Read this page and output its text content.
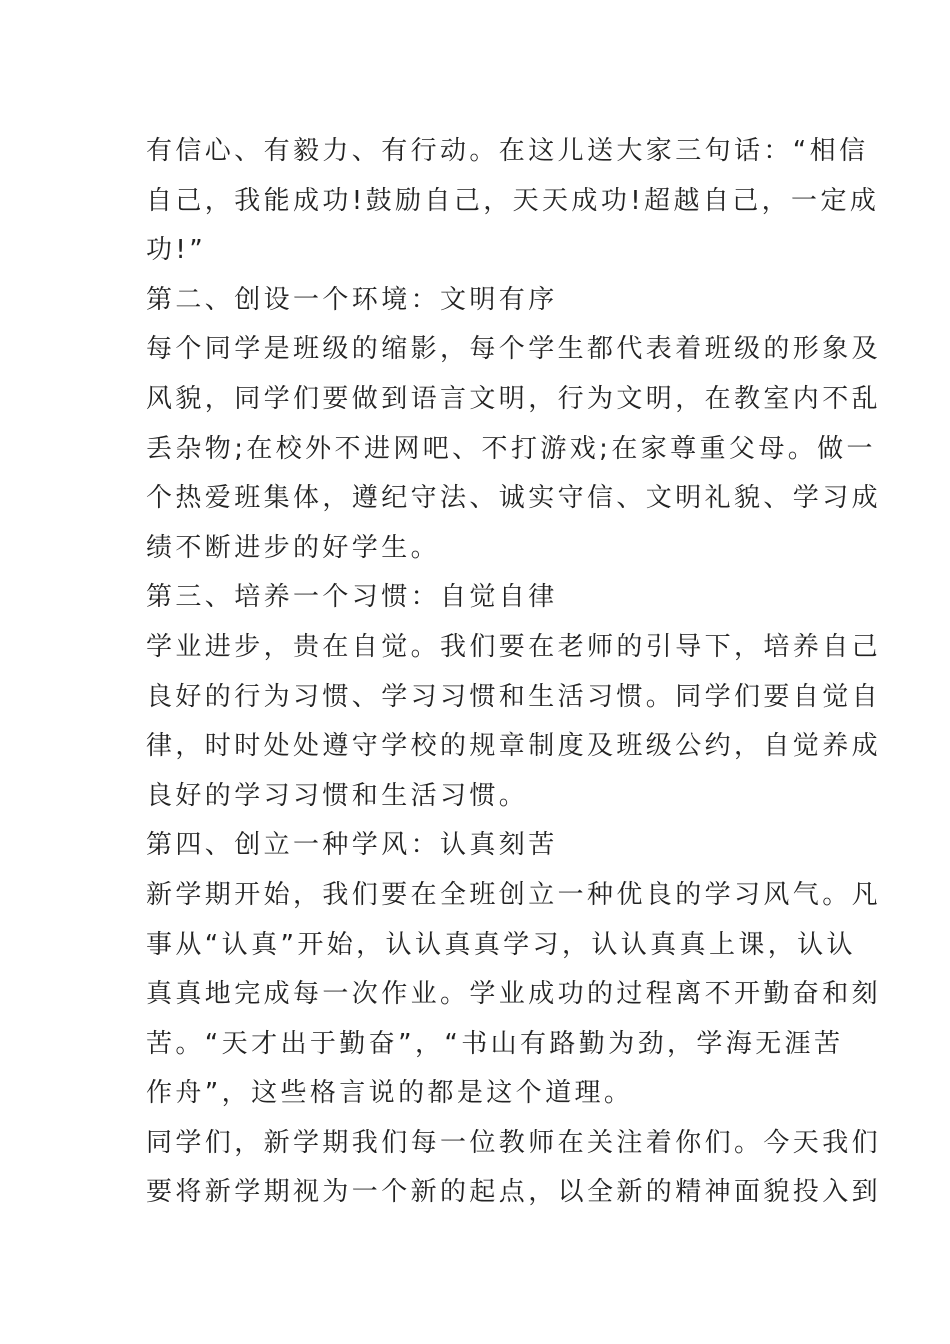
有信心、有毅力、有行动。在这儿送大家三句话：“相信
自己，我能成功!鼓励自己，天天成功!超越自己，一定成
功!”
第二、创设一个环境：文明有序
每个同学是班级的缩影，每个学生都代表着班级的形象及
风貌，同学们要做到语言文明，行为文明，在教室内不乱
丢杂物;在校外不进网吧、不打游戏;在家尊重父母。做一
个热爱班集体，遵纪守法、诚实守信、文明礼貌、学习成
绩不断进步的好学生。
第三、培养一个习惯：自觉自律
学业进步，贵在自觉。我们要在老师的引导下，培养自己
良好的行为习惯、学习习惯和生活习惯。同学们要自觉自
律，时时处处遵守学校的规章制度及班级公约，自觉养成
良好的学习习惯和生活习惯。
第四、创立一种学风：认真刻苦
新学期开始，我们要在全班创立一种优良的学习风气。凡
事从“认真”开始，认认真真学习，认认真真上课，认认
真真地完成每一次作业。学业成功的过程离不开勤奋和刻
苦。“天才出于勤奋”，“书山有路勤为劲，学海无涯苦
作舟”，这些格言说的都是这个道理。
同学们，新学期我们每一位教师在关注着你们。今天我们
要将新学期视为一个新的起点，以全新的精神面貌投入到
